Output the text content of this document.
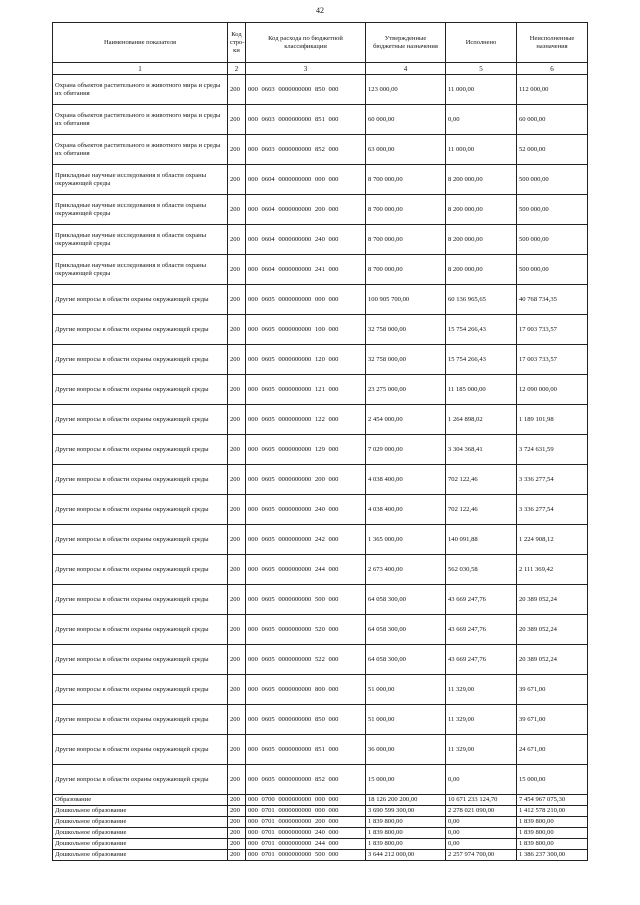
42
Наименование показателя	Код стро-ки	Код расхода по бюджетной классификации	Утвержденные бюджетные назначения	Исполнено	Неисполненные назначения
1	2	3	4	5	6
Охрана объектов растительного и животного мира и среды их обитания	200	000 0603 0000000000 850 000	123 000,00	11 000,00	112 000,00
Охрана объектов растительного и животного мира и среды их обитания	200	000 0603 0000000000 851 000	60 000,00	0,00	60 000,00
Охрана объектов растительного и животного мира и среды их обитания	200	000 0603 0000000000 852 000	63 000,00	11 000,00	52 000,00
Прикладные научные исследования в области охраны окружающей среды	200	000 0604 0000000000 000 000	8 700 000,00	8 200 000,00	500 000,00
Прикладные научные исследования в области охраны окружающей среды	200	000 0604 0000000000 200 000	8 700 000,00	8 200 000,00	500 000,00
Прикладные научные исследования в области охраны окружающей среды	200	000 0604 0000000000 240 000	8 700 000,00	8 200 000,00	500 000,00
Прикладные научные исследования в области охраны окружающей среды	200	000 0604 0000000000 241 000	8 700 000,00	8 200 000,00	500 000,00
Другие вопросы в области охраны окружающей среды	200	000 0605 0000000000 000 000	100 905 700,00	60 136 965,65	40 768 734,35
Другие вопросы в области охраны окружающей среды	200	000 0605 0000000000 100 000	32 758 000,00	15 754 266,43	17 003 733,57
Другие вопросы в области охраны окружающей среды	200	000 0605 0000000000 120 000	32 758 000,00	15 754 266,43	17 003 733,57
Другие вопросы в области охраны окружающей среды	200	000 0605 0000000000 121 000	23 275 000,00	11 185 000,00	12 090 000,00
Другие вопросы в области охраны окружающей среды	200	000 0605 0000000000 122 000	2 454 000,00	1 264 898,02	1 189 101,98
Другие вопросы в области охраны окружающей среды	200	000 0605 0000000000 129 000	7 029 000,00	3 304 368,41	3 724 631,59
Другие вопросы в области охраны окружающей среды	200	000 0605 0000000000 200 000	4 038 400,00	702 122,46	3 336 277,54
Другие вопросы в области охраны окружающей среды	200	000 0605 0000000000 240 000	4 038 400,00	702 122,46	3 336 277,54
Другие вопросы в области охраны окружающей среды	200	000 0605 0000000000 242 000	1 365 000,00	140 091,88	1 224 908,12
Другие вопросы в области охраны окружающей среды	200	000 0605 0000000000 244 000	2 673 400,00	562 030,58	2 111 369,42
Другие вопросы в области охраны окружающей среды	200	000 0605 0000000000 500 000	64 058 300,00	43 669 247,76	20 389 052,24
Другие вопросы в области охраны окружающей среды	200	000 0605 0000000000 520 000	64 058 300,00	43 669 247,76	20 389 052,24
Другие вопросы в области охраны окружающей среды	200	000 0605 0000000000 522 000	64 058 300,00	43 669 247,76	20 389 052,24
Другие вопросы в области охраны окружающей среды	200	000 0605 0000000000 800 000	51 000,00	11 329,00	39 671,00
Другие вопросы в области охраны окружающей среды	200	000 0605 0000000000 850 000	51 000,00	11 329,00	39 671,00
Другие вопросы в области охраны окружающей среды	200	000 0605 0000000000 851 000	36 000,00	11 329,00	24 671,00
Другие вопросы в области охраны окружающей среды	200	000 0605 0000000000 852 000	15 000,00	0,00	15 000,00
Образование	200	000 0700 0000000000 000 000	18 126 200 200,00	10 671 233 124,70	7 454 967 075,30
Дошкольное образование	200	000 0701 0000000000 000 000	3 690 599 300,00	2 278 021 090,00	1 412 578 210,00
Дошкольное образование	200	000 0701 0000000000 200 000	1 839 800,00	0,00	1 839 800,00
Дошкольное образование	200	000 0701 0000000000 240 000	1 839 800,00	0,00	1 839 800,00
Дошкольное образование	200	000 0701 0000000000 244 000	1 839 800,00	0,00	1 839 800,00
Дошкольное образование	200	000 0701 0000000000 500 000	3 644 212 000,00	2 257 974 700,00	1 386 237 300,00
